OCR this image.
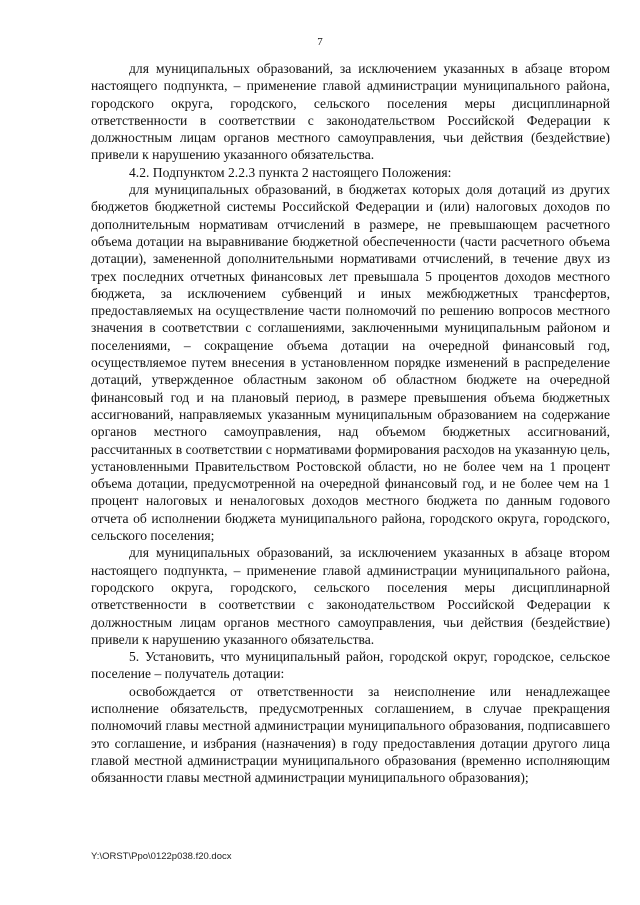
7

для муниципальных образований, за исключением указанных в абзаце втором настоящего подпункта, – применение главой администрации муниципального района, городского округа, городского, сельского поселения меры дисциплинарной ответственности в соответствии с законодательством Российской Федерации к должностным лицам органов местного самоуправления, чьи действия (бездействие) привели к нарушению указанного обязательства.

4.2. Подпунктом 2.2.3 пункта 2 настоящего Положения:

для муниципальных образований, в бюджетах которых доля дотаций из других бюджетов бюджетной системы Российской Федерации и (или) налоговых доходов по дополнительным нормативам отчислений в размере, не превышающем расчетного объема дотации на выравнивание бюджетной обеспеченности (части расчетного объема дотации), замененной дополнительными нормативами отчислений, в течение двух из трех последних отчетных финансовых лет превышала 5 процентов доходов местного бюджета, за исключением субвенций и иных межбюджетных трансфертов, предоставляемых на осуществление части полномочий по решению вопросов местного значения в соответствии с соглашениями, заключенными муниципальным районом и поселениями, – сокращение объема дотации на очередной финансовый год, осуществляемое путем внесения в установленном порядке изменений в распределение дотаций, утвержденное областным законом об областном бюджете на очередной финансовый год и на плановый период, в размере превышения объема бюджетных ассигнований, направляемых указанным муниципальным образованием на содержание органов местного самоуправления, над объемом бюджетных ассигнований, рассчитанных в соответствии с нормативами формирования расходов на указанную цель, установленными Правительством Ростовской области, но не более чем на 1 процент объема дотации, предусмотренной на очередной финансовый год, и не более чем на 1 процент налоговых и неналоговых доходов местного бюджета по данным годового отчета об исполнении бюджета муниципального района, городского округа, городского, сельского поселения;

для муниципальных образований, за исключением указанных в абзаце втором настоящего подпункта, – применение главой администрации муниципального района, городского округа, городского, сельского поселения меры дисциплинарной ответственности в соответствии с законодательством Российской Федерации к должностным лицам органов местного самоуправления, чьи действия (бездействие) привели к нарушению указанного обязательства.

5. Установить, что муниципальный район, городской округ, городское, сельское поселение – получатель дотации:

освобождается от ответственности за неисполнение или ненадлежащее исполнение обязательств, предусмотренных соглашением, в случае прекращения полномочий главы местной администрации муниципального образования, подписавшего это соглашение, и избрания (назначения) в году предоставления дотации другого лица главой местной администрации муниципального образования (временно исполняющим обязанности главы местной администрации муниципального образования);

Y:\ORST\Ppo\0122p038.f20.docx
